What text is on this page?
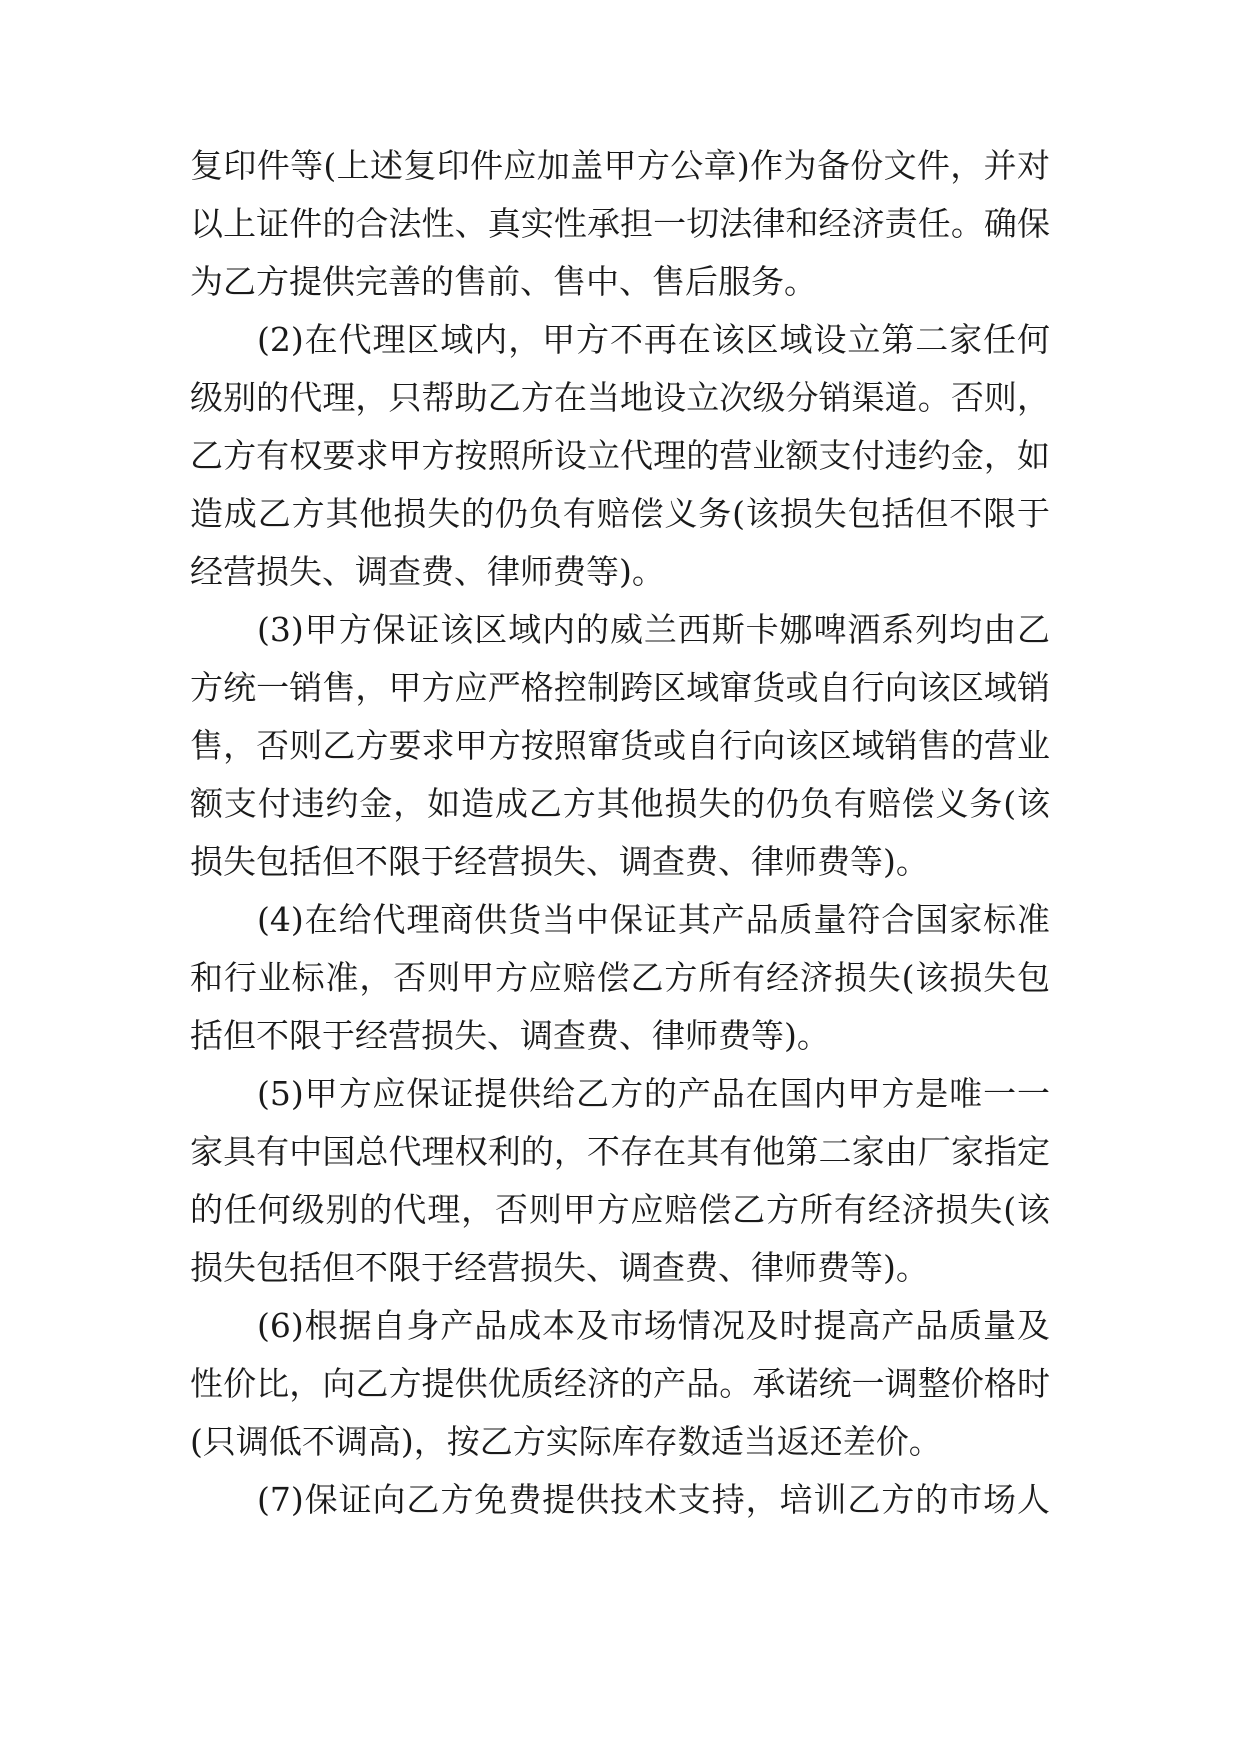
复印件等(上述复印件应加盖甲方公章)作为备份文件，并对
以上证件的合法性、真实性承担一切法律和经济责任。确保
为乙方提供完善的售前、售中、售后服务。
(2)在代理区域内，甲方不再在该区域设立第二家任何
级别的代理，只帮助乙方在当地设立次级分销渠道。否则，
乙方有权要求甲方按照所设立代理的营业额支付违约金，如
造成乙方其他损失的仍负有赔偿义务(该损失包括但不限于
经营损失、调查费、律师费等)。
(3)甲方保证该区域内的威兰西斯卡娜啤酒系列均由乙
方统一销售，甲方应严格控制跨区域窜货或自行向该区域销
售，否则乙方要求甲方按照窜货或自行向该区域销售的营业
额支付违约金，如造成乙方其他损失的仍负有赔偿义务(该
损失包括但不限于经营损失、调查费、律师费等)。
(4)在给代理商供货当中保证其产品质量符合国家标准
和行业标准，否则甲方应赔偿乙方所有经济损失(该损失包
括但不限于经营损失、调查费、律师费等)。
(5)甲方应保证提供给乙方的产品在国内甲方是唯一一
家具有中国总代理权利的，不存在其有他第二家由厂家指定
的任何级别的代理，否则甲方应赔偿乙方所有经济损失(该
损失包括但不限于经营损失、调查费、律师费等)。
(6)根据自身产品成本及市场情况及时提高产品质量及
性价比，向乙方提供优质经济的产品。承诺统一调整价格时
(只调低不调高)，按乙方实际库存数适当返还差价。
(7)保证向乙方免费提供技术支持，培训乙方的市场人
